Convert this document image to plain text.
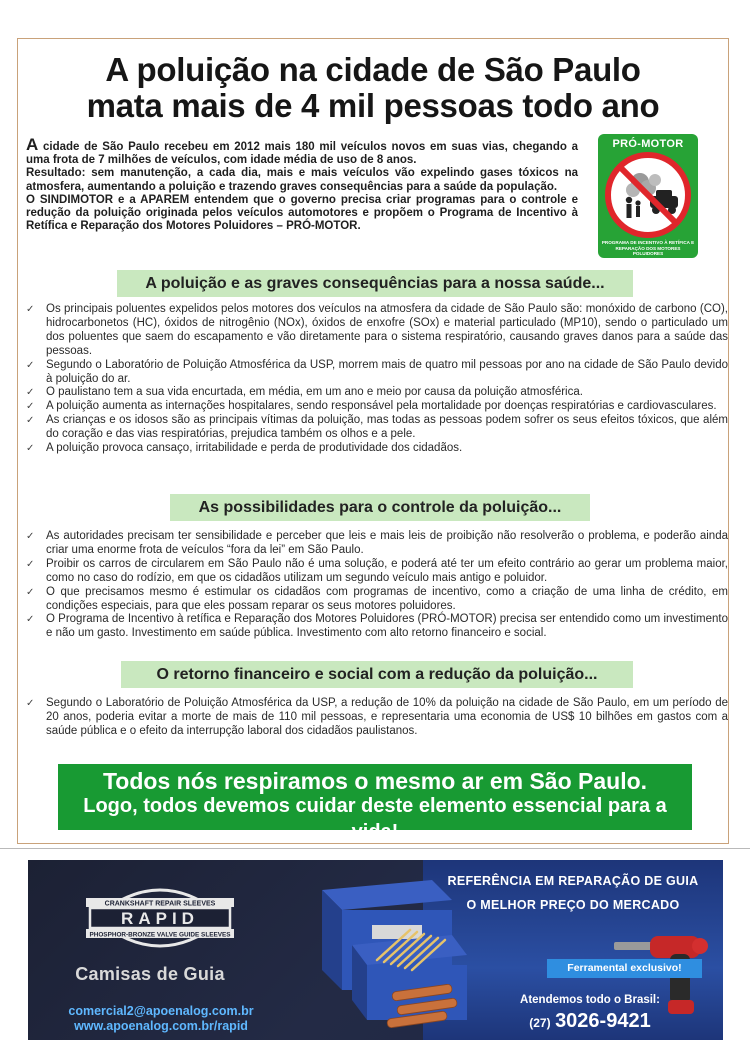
A poluição na cidade de São Paulo
mata mais de 4 mil pessoas todo ano

A cidade de São Paulo recebeu em 2012 mais 180 mil veículos novos em suas vias, chegando a uma frota de 7 milhões de veículos, com idade média de uso de 8 anos.

Resultado: sem manutenção, a cada dia, mais e mais veículos vão expelindo gases tóxicos na atmosfera, aumentando a poluição e trazendo graves consequências para a saúde da população.

O SINDIMOTOR e a APAREM entendem que o governo precisa criar programas para o controle e redução da poluição originada pelos veículos automotores e propõem o Programa de Incentivo à Retífica e Reparação dos Motores Poluidores – PRÓ-MOTOR.

PRÓ-MOTOR
PROGRAMA DE INCENTIVO À RETÍFICA E REPARAÇÃO DOS MOTORES POLUIDORES
A poluição e as graves consequências para a nossa saúde...
✓ Os principais poluentes expelidos pelos motores dos veículos na atmosfera da cidade de São Paulo são: monóxido de carbono (CO), hidrocarbonetos (HC), óxidos de nitrogênio (NOx), óxidos de enxofre (SOx) e material particulado (MP10), sendo o particulado um dos poluentes que saem do escapamento e vão diretamente para o sistema respiratório, causando graves danos para a saúde das pessoas.
✓ Segundo o Laboratório de Poluição Atmosférica da USP, morrem mais de quatro mil pessoas por ano na cidade de São Paulo devido à poluição do ar.
✓ O paulistano tem a sua vida encurtada, em média, em um ano e meio por causa da poluição atmosférica.
✓ A poluição aumenta as internações hospitalares, sendo responsável pela mortalidade por doenças respiratórias e cardiovasculares.
✓ As crianças e os idosos são as principais vítimas da poluição, mas todas as pessoas podem sofrer os seus efeitos tóxicos, que além do coração e das vias respiratórias, prejudica também os olhos e a pele.
✓ A poluição provoca cansaço, irritabilidade e perda de produtividade dos cidadãos.
As possibilidades para o controle da poluição...
✓ As autoridades precisam ter sensibilidade e perceber que leis e mais leis de proibição não resolverão o problema, e poderão ainda criar uma enorme frota de veículos “fora da lei” em São Paulo.
✓ Proibir os carros de circularem em São Paulo não é uma solução, e poderá até ter um efeito contrário ao gerar um problema maior, como no caso do rodízio, em que os cidadãos utilizam um segundo veículo mais antigo e poluidor.
✓ O que precisamos mesmo é estimular os cidadãos com programas de incentivo, como a criação de uma linha de crédito, em condições especiais, para que eles possam reparar os seus motores poluidores.
✓ O Programa de Incentivo à retífica e Reparação dos Motores Poluidores (PRÓ-MOTOR) precisa ser entendido como um investimento e não um gasto. Investimento em saúde pública. Investimento com alto retorno financeiro e social.
O retorno financeiro e social com a redução da poluição...
✓ Segundo o Laboratório de Poluição Atmosférica da USP, a redução de 10% da poluição na cidade de São Paulo, em um período de 20 anos, poderia evitar a morte de mais de 110 mil pessoas, e representaria uma economia de US$ 10 bilhões em gastos com a saúde pública e o efeito da interrupção laboral dos cidadãos paulistanos.
Todos nós respiramos o mesmo ar em São Paulo.
Logo, todos devemos cuidar deste elemento essencial para a vida!
CRANKSHAFT REPAIR SLEEVES
RAPID
PHOSPHOR-BRONZE VALVE GUIDE SLEEVES
Camisas de Guia
comercial2@apoenalog.com.br
www.apoenalog.com.br/rapid
REFERÊNCIA EM REPARAÇÃO DE GUIA
O MELHOR PREÇO DO MERCADO
Ferramental exclusivo!
Atendemos todo o Brasil:
(27) 3026-9421
